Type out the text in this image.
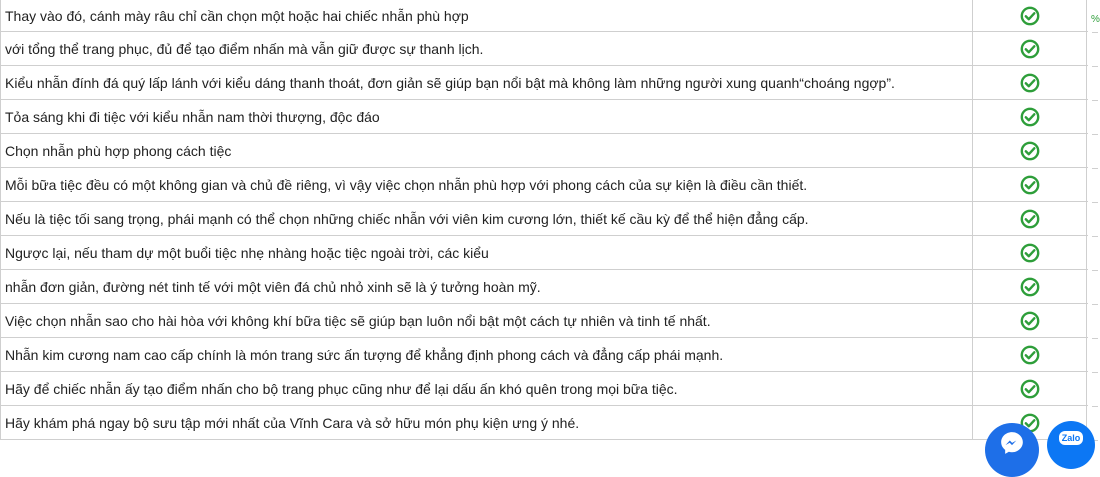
Thay vào đó, cánh mày râu chỉ cần chọn một hoặc hai chiếc nhẫn phù hợp
với tổng thể trang phục, đủ để tạo điểm nhấn mà vẫn giữ được sự thanh lịch.
Kiểu nhẫn đính đá quý lấp lánh với kiểu dáng thanh thoát, đơn giản sẽ giúp bạn nổi bật mà không làm những người xung quanh“choáng ngợp”.
Tỏa sáng khi đi tiệc với kiểu nhẫn nam thời thượng, độc đáo
Chọn nhẫn phù hợp phong cách tiệc
Mỗi bữa tiệc đều có một không gian và chủ đề riêng, vì vậy việc chọn nhẫn phù hợp với phong cách của sự kiện là điều cần thiết.
Nếu là tiệc tối sang trọng, phái mạnh có thể chọn những chiếc nhẫn với viên kim cương lớn, thiết kế cầu kỳ để thể hiện đẳng cấp.
Ngược lại, nếu tham dự một buổi tiệc nhẹ nhàng hoặc tiệc ngoài trời, các kiểu
nhẫn đơn giản, đường nét tinh tế với một viên đá chủ nhỏ xinh sẽ là ý tưởng hoàn mỹ.
Việc chọn nhẫn sao cho hài hòa với không khí bữa tiệc sẽ giúp bạn luôn nổi bật một cách tự nhiên và tinh tế nhất.
Nhẫn kim cương nam cao cấp chính là món trang sức ấn tượng để khẳng định phong cách và đẳng cấp phái mạnh.
Hãy để chiếc nhẫn ấy tạo điểm nhấn cho bộ trang phục cũng như để lại dấu ấn khó quên trong mọi bữa tiệc.
Hãy khám phá ngay bộ sưu tập mới nhất của Vĩnh Cara và sở hữu món phụ kiện ưng ý nhé.
%
Zalo
